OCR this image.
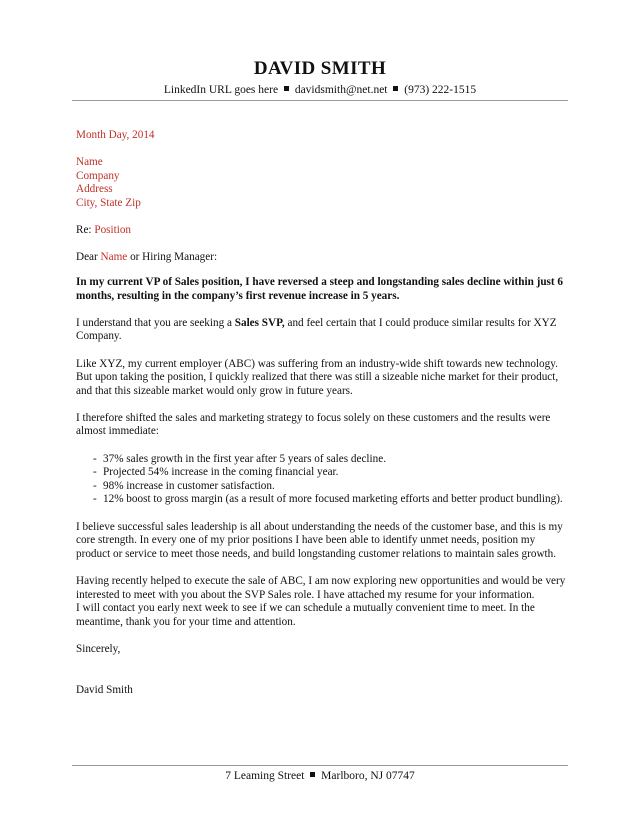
DAVID SMITH
LinkedIn URL goes here davidsmith@net.net (973) 222-1515

Month Day, 2014

Name

Company

Address

City, State Zip

Re: Position

Dear Name or Hiring Manager:

In my current VP of Sales position, I have reversed a steep and longstanding sales decline within just 6 months, resulting in the company’s first revenue increase in 5 years.

I understand that you are seeking a Sales SVP, and feel certain that I could produce similar results for XYZ Company.

Like XYZ, my current employer (ABC) was suffering from an industry-wide shift towards new technology. But upon taking the position, I quickly realized that there was still a sizeable niche market for their product, and that this sizeable market would only grow in future years.

I therefore shifted the sales and marketing strategy to focus solely on these customers and the results were almost immediate:

- 37% sales growth in the first year after 5 years of sales decline.
- Projected 54% increase in the coming financial year.
- 98% increase in customer satisfaction.
- 12% boost to gross margin (as a result of more focused marketing efforts and better product bundling).

I believe successful sales leadership is all about understanding the needs of the customer base, and this is my core strength. In every one of my prior positions I have been able to identify unmet needs, position my product or service to meet those needs, and build longstanding customer relations to maintain sales growth.

Having recently helped to execute the sale of ABC, I am now exploring new opportunities and would be very interested to meet with you about the SVP Sales role. I have attached my resume for your information.

I will contact you early next week to see if we can schedule a mutually convenient time to meet. In the meantime, thank you for your time and attention.

Sincerely,

David Smith

7 Leaming Street Marlboro, NJ 07747
